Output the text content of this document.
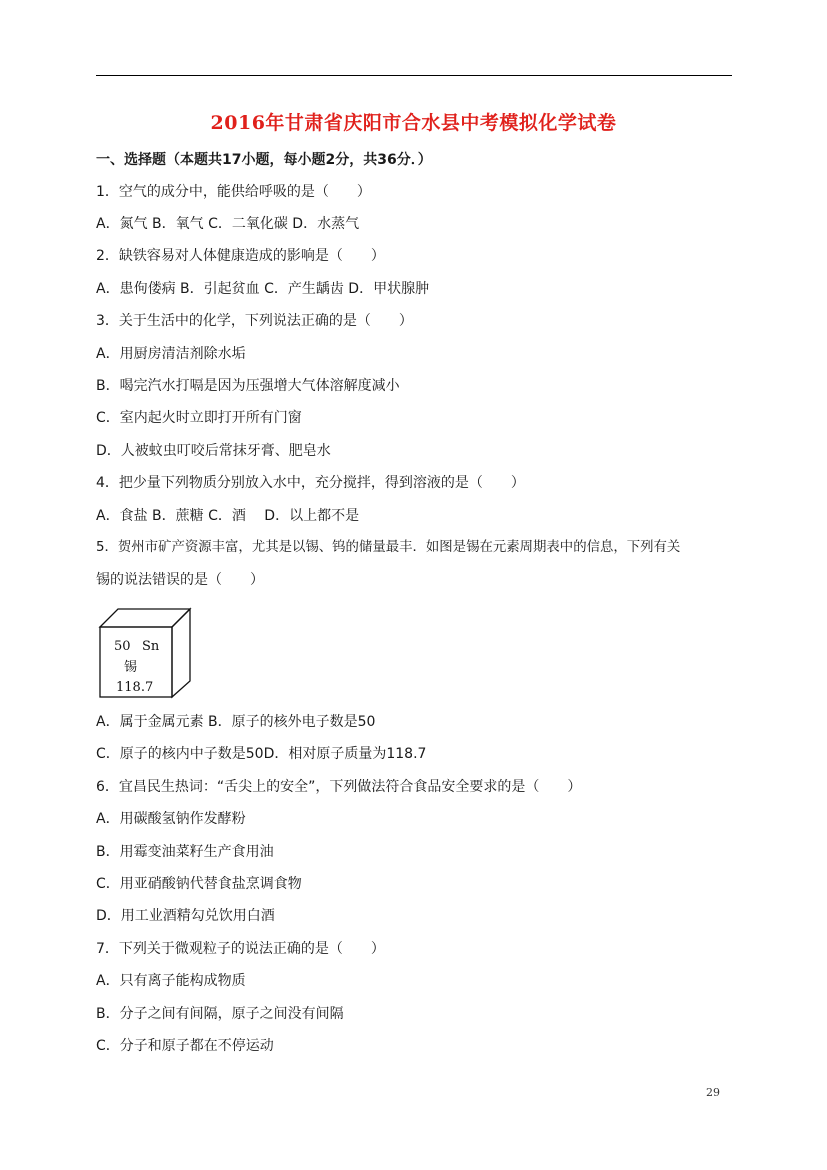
2016年甘肃省庆阳市合水县中考模拟化学试卷
一、选择题（本题共17小题，每小题2分，共36分．）
1．空气的成分中，能供给呼吸的是（　　）
A．氮气 B．氧气 C．二氧化碳 D．水蒸气
2．缺铁容易对人体健康造成的影响是（　　）
A．患佝偻病 B．引起贫血 C．产生龋齿 D．甲状腺肿
3．关于生活中的化学，下列说法正确的是（　　）
A．用厨房清洁剂除水垢
B．喝完汽水打嗝是因为压强增大气体溶解度减小
C．室内起火时立即打开所有门窗
D．人被蚊虫叮咬后常抹牙膏、肥皂水
4．把少量下列物质分别放入水中，充分搅拌，得到溶液的是（　　）
A．食盐 B．蔗糖 C．酒　 D．以上都不是
5．贺州市矿产资源丰富，尤其是以锡、钨的储量最丰．如图是锡在元素周期表中的信息，下列有关
锡的说法错误的是（　　）
50 Sn
锡
118.7
A．属于金属元素 B．原子的核外电子数是50
C．原子的核内中子数是50D．相对原子质量为118.7
6．宜昌民生热词：“舌尖上的安全”，下列做法符合食品安全要求的是（　　）
A．用碳酸氢钠作发酵粉
B．用霉变油菜籽生产食用油
C．用亚硝酸钠代替食盐烹调食物
D．用工业酒精勾兑饮用白酒
7．下列关于微观粒子的说法正确的是（　　）
A．只有离子能构成物质
B．分子之间有间隔，原子之间没有间隔
C．分子和原子都在不停运动
29
